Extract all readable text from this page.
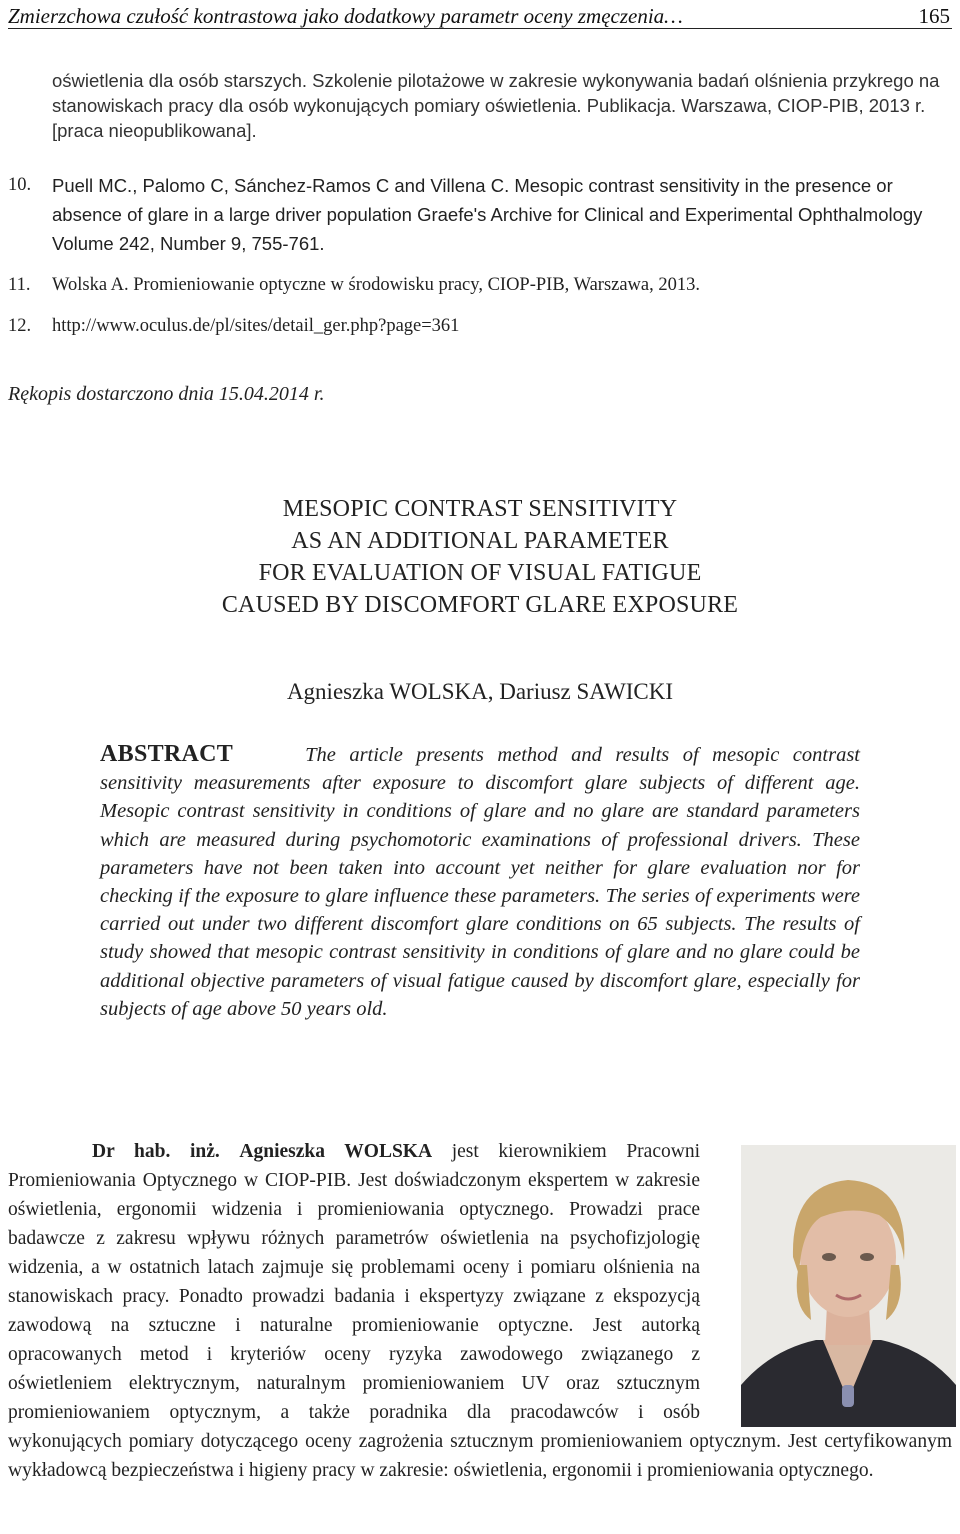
Zmierzchowa czułość kontrastowa jako dodatkowy parametr oceny zmęczenia…	165
oświetlenia dla osób starszych. Szkolenie pilotażowe w zakresie wykonywania badań olśnienia przykrego na stanowiskach pracy dla osób wykonujących pomiary oświetlenia. Publikacja. Warszawa, CIOP-PIB, 2013 r. [praca nieopublikowana].
10.	Puell MC., Palomo C, Sánchez-Ramos C and Villena C. Mesopic contrast sensitivity in the presence or absence of glare in a large driver population Graefe's Archive for Clinical and Experimental Ophthalmology Volume 242, Number 9, 755-761.
11.	Wolska A. Promieniowanie optyczne w środowisku pracy, CIOP-PIB, Warszawa, 2013.
12.	http://www.oculus.de/pl/sites/detail_ger.php?page=361
Rękopis dostarczono dnia 15.04.2014 r.
MESOPIC CONTRAST SENSITIVITY
AS AN ADDITIONAL PARAMETER
FOR EVALUATION OF VISUAL FATIGUE
CAUSED BY DISCOMFORT GLARE EXPOSURE
Agnieszka WOLSKA, Dariusz SAWICKI
ABSTRACT	The article presents method and results of mesopic contrast sensitivity measurements after exposure to discomfort glare subjects of different age. Mesopic contrast sensitivity in conditions of glare and no glare are standard parameters which are measured during psychomotoric examinations of professional drivers. These parameters have not been taken into account yet neither for glare evaluation nor for checking if the exposure to glare influence these parameters. The series of experiments were carried out under two different discomfort glare conditions on 65 subjects. The results of study showed that mesopic contrast sensitivity in conditions of glare and no glare could be additional objective parameters of visual fatigue caused by discomfort glare, especially for subjects of age above 50 years old.
Dr hab. inż. Agnieszka WOLSKA jest kierownikiem Pracowni Promieniowania Optycznego w CIOP-PIB. Jest doświadczonym ekspertem w zakresie oświetlenia, ergonomii widzenia i promieniowania optycznego. Prowadzi prace badawcze z zakresu wpływu różnych parametrów oświetlenia na psychofizjologię widzenia, a w ostatnich latach zajmuje się problemami oceny i pomiaru olśnienia na stanowiskach pracy. Ponadto prowadzi badania i ekspertyzy związane z ekspozycją zawodową na sztuczne i naturalne promieniowanie optyczne. Jest autorką opracowanych metod i kryteriów oceny ryzyka zawodowego związanego z oświetleniem elektrycznym, naturalnym promieniowaniem UV oraz sztucznym promieniowaniem optycznym, a także poradnika dla pracodawców i osób wykonujących pomiary dotyczącego oceny zagrożenia sztucznym promieniowaniem optycznym. Jest certyfikowanym wykładowcą bezpieczeństwa i higieny pracy w zakresie: oświetlenia, ergonomii i promieniowania optycznego.
